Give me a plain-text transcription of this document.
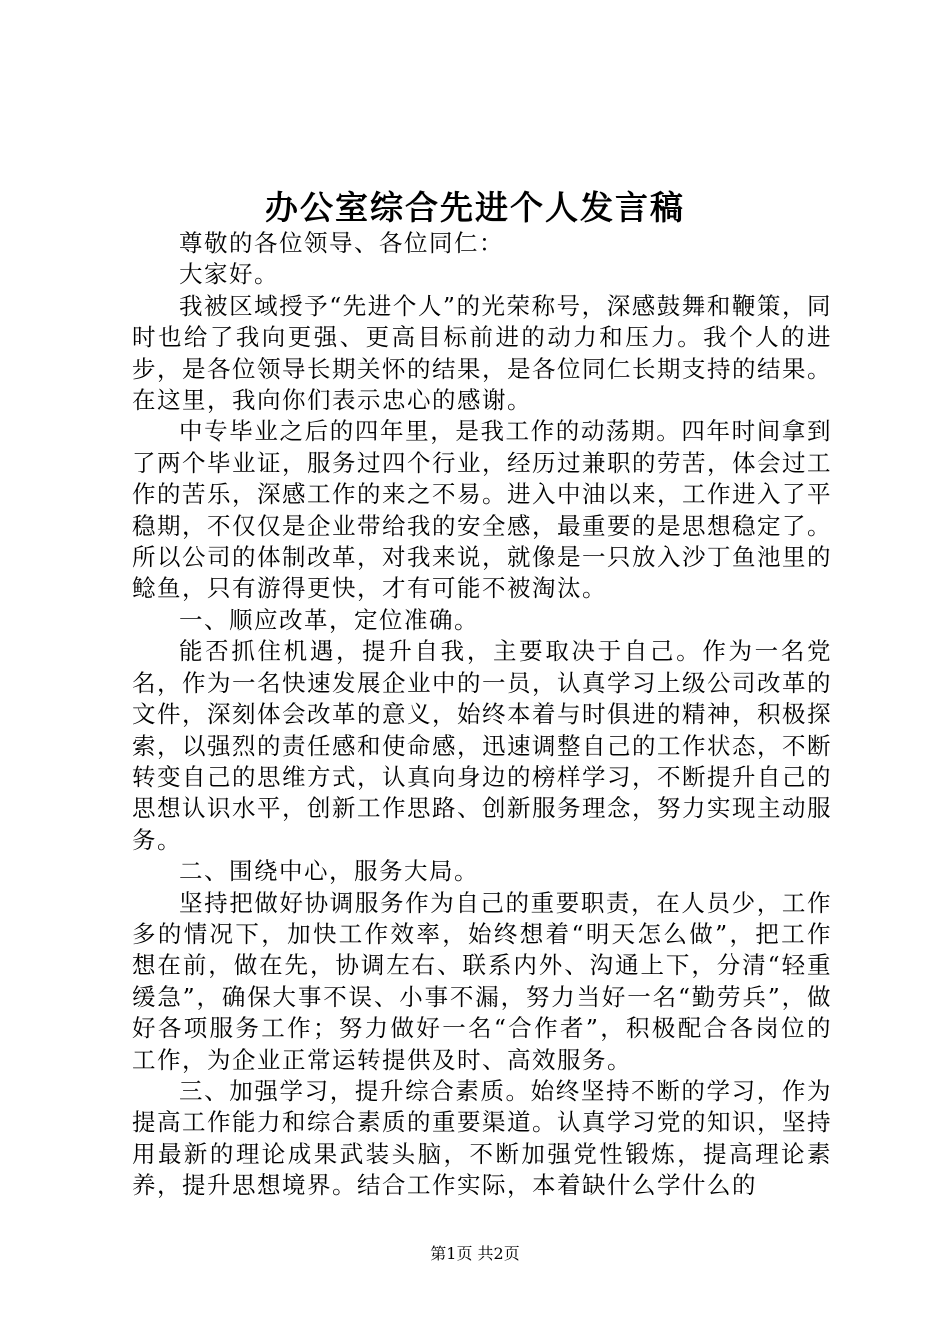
办公室综合先进个人发言稿

尊敬的各位领导、各位同仁：

大家好。

我被区域授予“先进个人”的光荣称号，深感鼓舞和鞭策，同时也给了我向更强、更高目标前进的动力和压力。我个人的进步，是各位领导长期关怀的结果，是各位同仁长期支持的结果。在这里，我向你们表示忠心的感谢。

中专毕业之后的四年里，是我工作的动荡期。四年时间拿到了两个毕业证，服务过四个行业，经历过兼职的劳苦，体会过工作的苦乐，深感工作的来之不易。进入中油以来，工作进入了平稳期，不仅仅是企业带给我的安全感，最重要的是思想稳定了。所以公司的体制改革，对我来说，就像是一只放入沙丁鱼池里的鲶鱼，只有游得更快，才有可能不被淘汰。

一、顺应改革，定位准确。

能否抓住机遇，提升自我，主要取决于自己。作为一名党名，作为一名快速发展企业中的一员，认真学习上级公司改革的文件，深刻体会改革的意义，始终本着与时俱进的精神，积极探索，以强烈的责任感和使命感，迅速调整自己的工作状态，不断转变自己的思维方式，认真向身边的榜样学习，不断提升自己的思想认识水平，创新工作思路、创新服务理念，努力实现主动服务。

二、围绕中心，服务大局。

坚持把做好协调服务作为自己的重要职责，在人员少，工作多的情况下，加快工作效率，始终想着“明天怎么做”，把工作想在前，做在先，协调左右、联系内外、沟通上下，分清“轻重缓急”，确保大事不误、小事不漏，努力当好一名“勤劳兵”，做好各项服务工作；努力做好一名“合作者”，积极配合各岗位的工作，为企业正常运转提供及时、高效服务。

三、加强学习，提升综合素质。始终坚持不断的学习，作为提高工作能力和综合素质的重要渠道。认真学习党的知识，坚持用最新的理论成果武装头脑，不断加强党性锻炼，提高理论素养，提升思想境界。结合工作实际，本着缺什么学什么的

第1页 共2页
